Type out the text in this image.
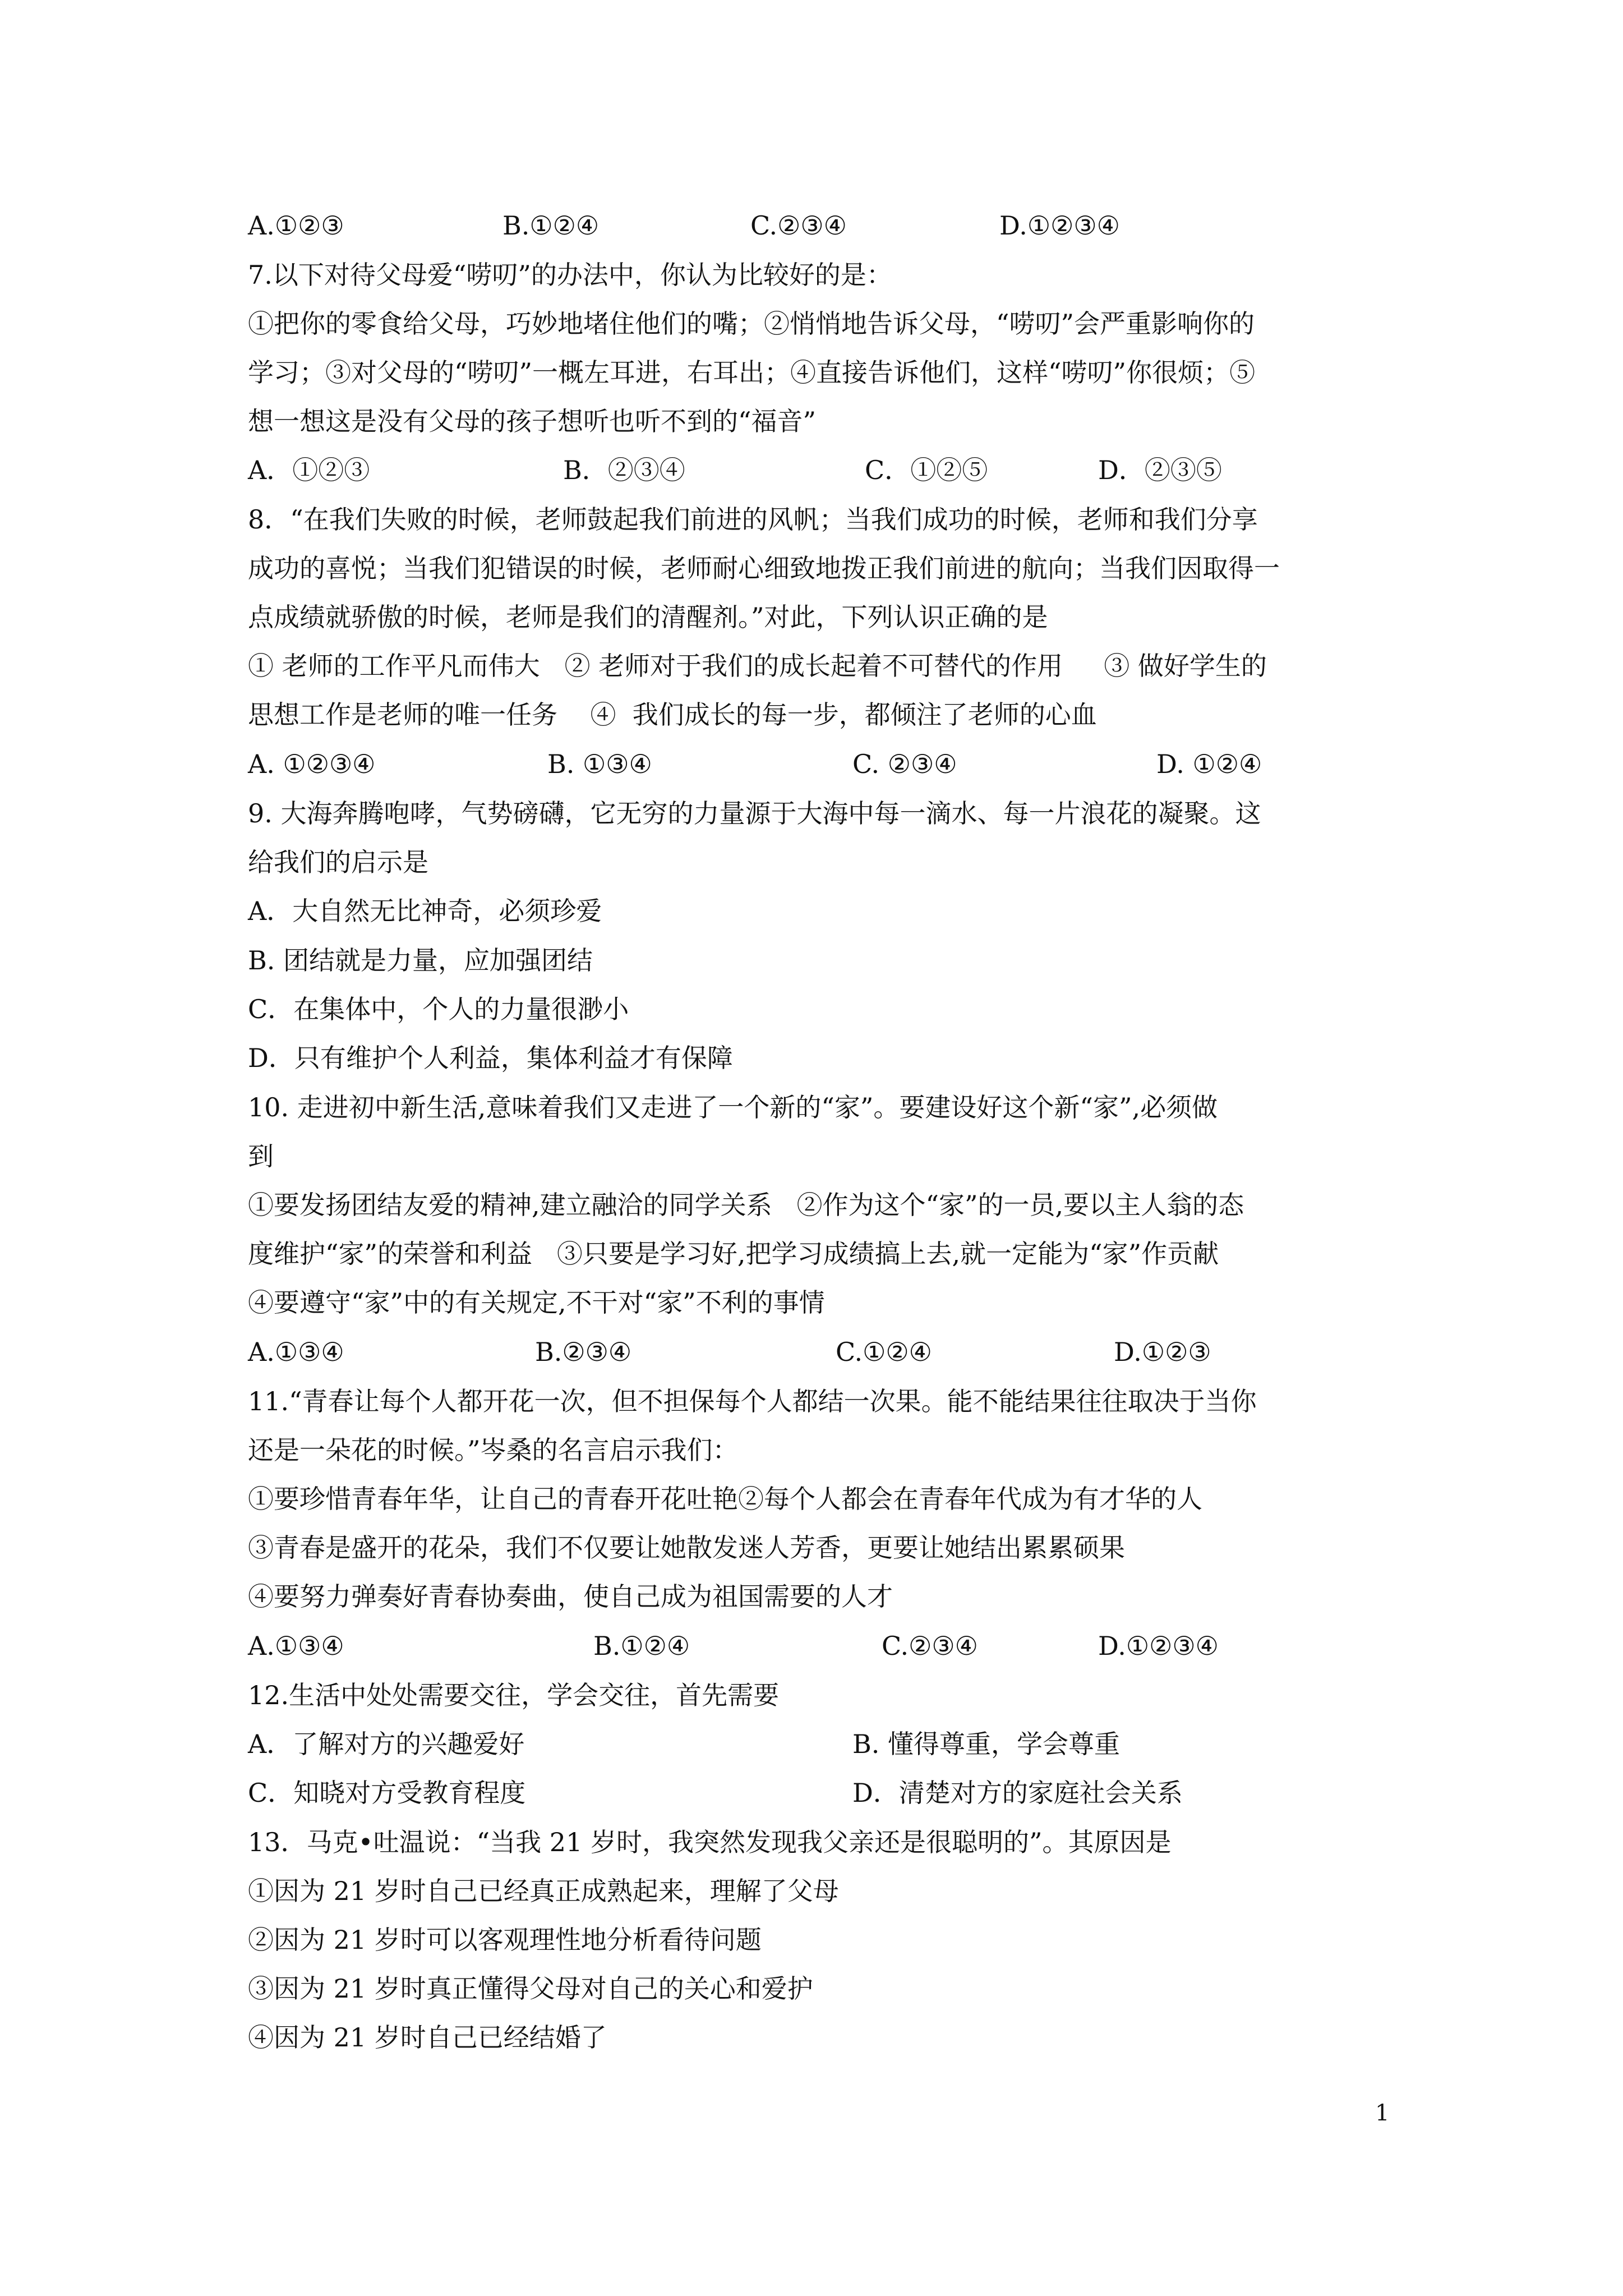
A.①②③	B.①②④	C.②③④	D.①②③④
7.以下对待父母爱“唠叨”的办法中，你认为比较好的是：
①把你的零食给父母，巧妙地堵住他们的嘴；②悄悄地告诉父母，“唠叨”会严重影响你的
学习；③对父母的“唠叨”一概左耳进，右耳出；④直接告诉他们，这样“唠叨”你很烦；⑤
想一想这是没有父母的孩子想听也听不到的“福音”
A．①②③	B．②③④	C．①②⑤	D．②③⑤
8．“在我们失败的时候，老师鼓起我们前进的风帆；当我们成功的时候，老师和我们分享
成功的喜悦；当我们犯错误的时候，老师耐心细致地拨正我们前进的航向；当我们因取得一
点成绩就骄傲的时候，老师是我们的清醒剂。”对此，下列认识正确的是
① 老师的工作平凡而伟大   ② 老师对于我们的成长起着不可替代的作用     ③ 做好学生的
思想工作是老师的唯一任务    ④  我们成长的每一步，都倾注了老师的心血
A. ①②③④	B. ①③④	C. ②③④	D. ①②④
9. 大海奔腾咆哮，气势磅礴，它无穷的力量源于大海中每一滴水、每一片浪花的凝聚。这
给我们的启示是
A．大自然无比神奇，必须珍爱
B. 团结就是力量，应加强团结
C．在集体中，个人的力量很渺小
D．只有维护个人利益，集体利益才有保障
10. 走进初中新生活,意味着我们又走进了一个新的“家”。要建设好这个新“家”,必须做
到
①要发扬团结友爱的精神,建立融洽的同学关系   ②作为这个“家”的一员,要以主人翁的态
度维护“家”的荣誉和利益   ③只要是学习好,把学习成绩搞上去,就一定能为“家”作贡献
④要遵守“家”中的有关规定,不干对“家”不利的事情
A.①③④	B.②③④	C.①②④	D.①②③
11.“青春让每个人都开花一次，但不担保每个人都结一次果。能不能结果往往取决于当你
还是一朵花的时候。”岑桑的名言启示我们：
①要珍惜青春年华，让自己的青春开花吐艳②每个人都会在青春年代成为有才华的人
③青春是盛开的花朵，我们不仅要让她散发迷人芳香，更要让她结出累累硕果
④要努力弹奏好青春协奏曲，使自己成为祖国需要的人才
A.①③④	B.①②④	C.②③④	D.①②③④
12.生活中处处需要交往，学会交往，首先需要
A．了解对方的兴趣爱好	B. 懂得尊重，学会尊重
C．知晓对方受教育程度	D．清楚对方的家庭社会关系
13．马克•吐温说：“当我 21 岁时，我突然发现我父亲还是很聪明的”。其原因是
①因为 21 岁时自己已经真正成熟起来，理解了父母
②因为 21 岁时可以客观理性地分析看待问题
③因为 21 岁时真正懂得父母对自己的关心和爱护
④因为 21 岁时自己已经结婚了
1
